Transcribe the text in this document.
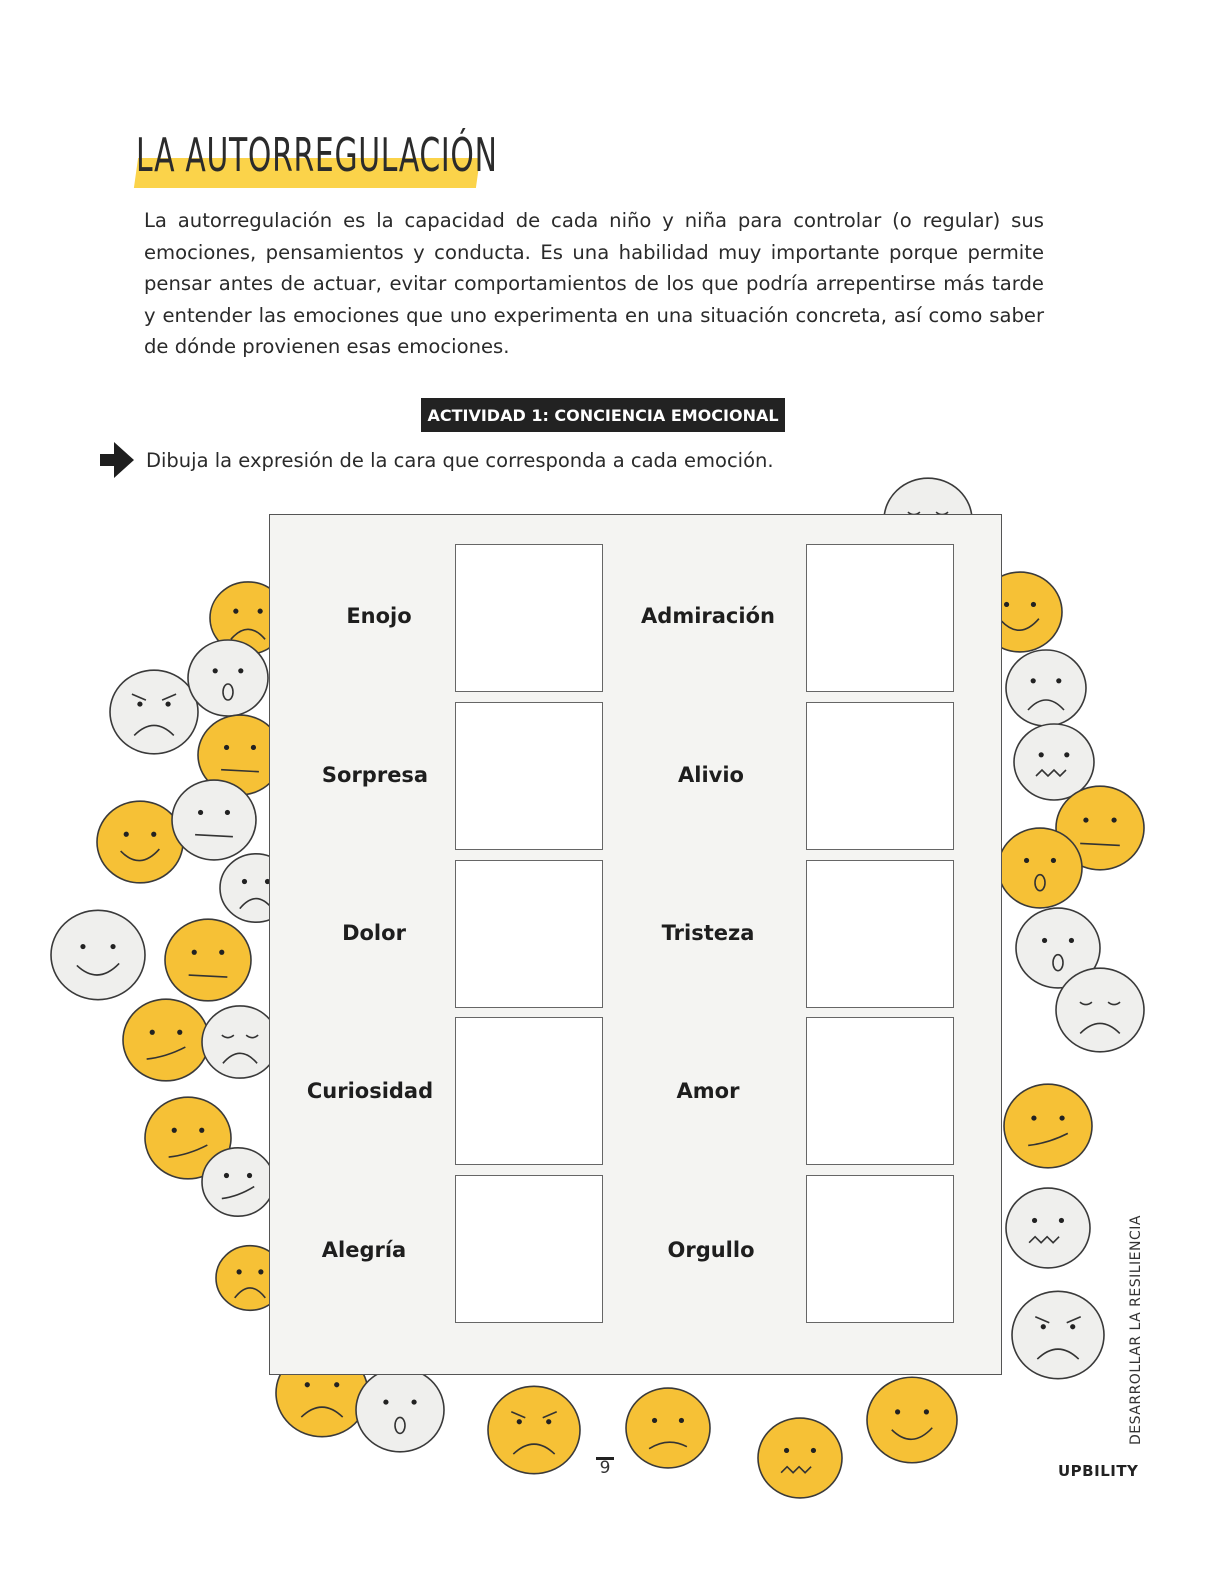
LA AUTORREGULACIÓN
La autorregulación es la capacidad de cada niño y niña para controlar (o regular) sus emociones, pensamientos y conducta. Es una habilidad muy importante porque permite pensar antes de actuar, evitar comportamientos de los que podría arrepentirse más tarde y entender las emociones que uno experimenta en una situación concreta, así como saber de dónde provienen esas emociones.
ACTIVIDAD 1: CONCIENCIA EMOCIONAL
Dibuja la expresión de la cara que corresponda a cada emoción.
Enojo
Sorpresa
Dolor
Curiosidad
Alegría
Admiración
Alivio
Tristeza
Amor
Orgullo
9
DESARROLLAR LA RESILIENCIA
UPBILITY
